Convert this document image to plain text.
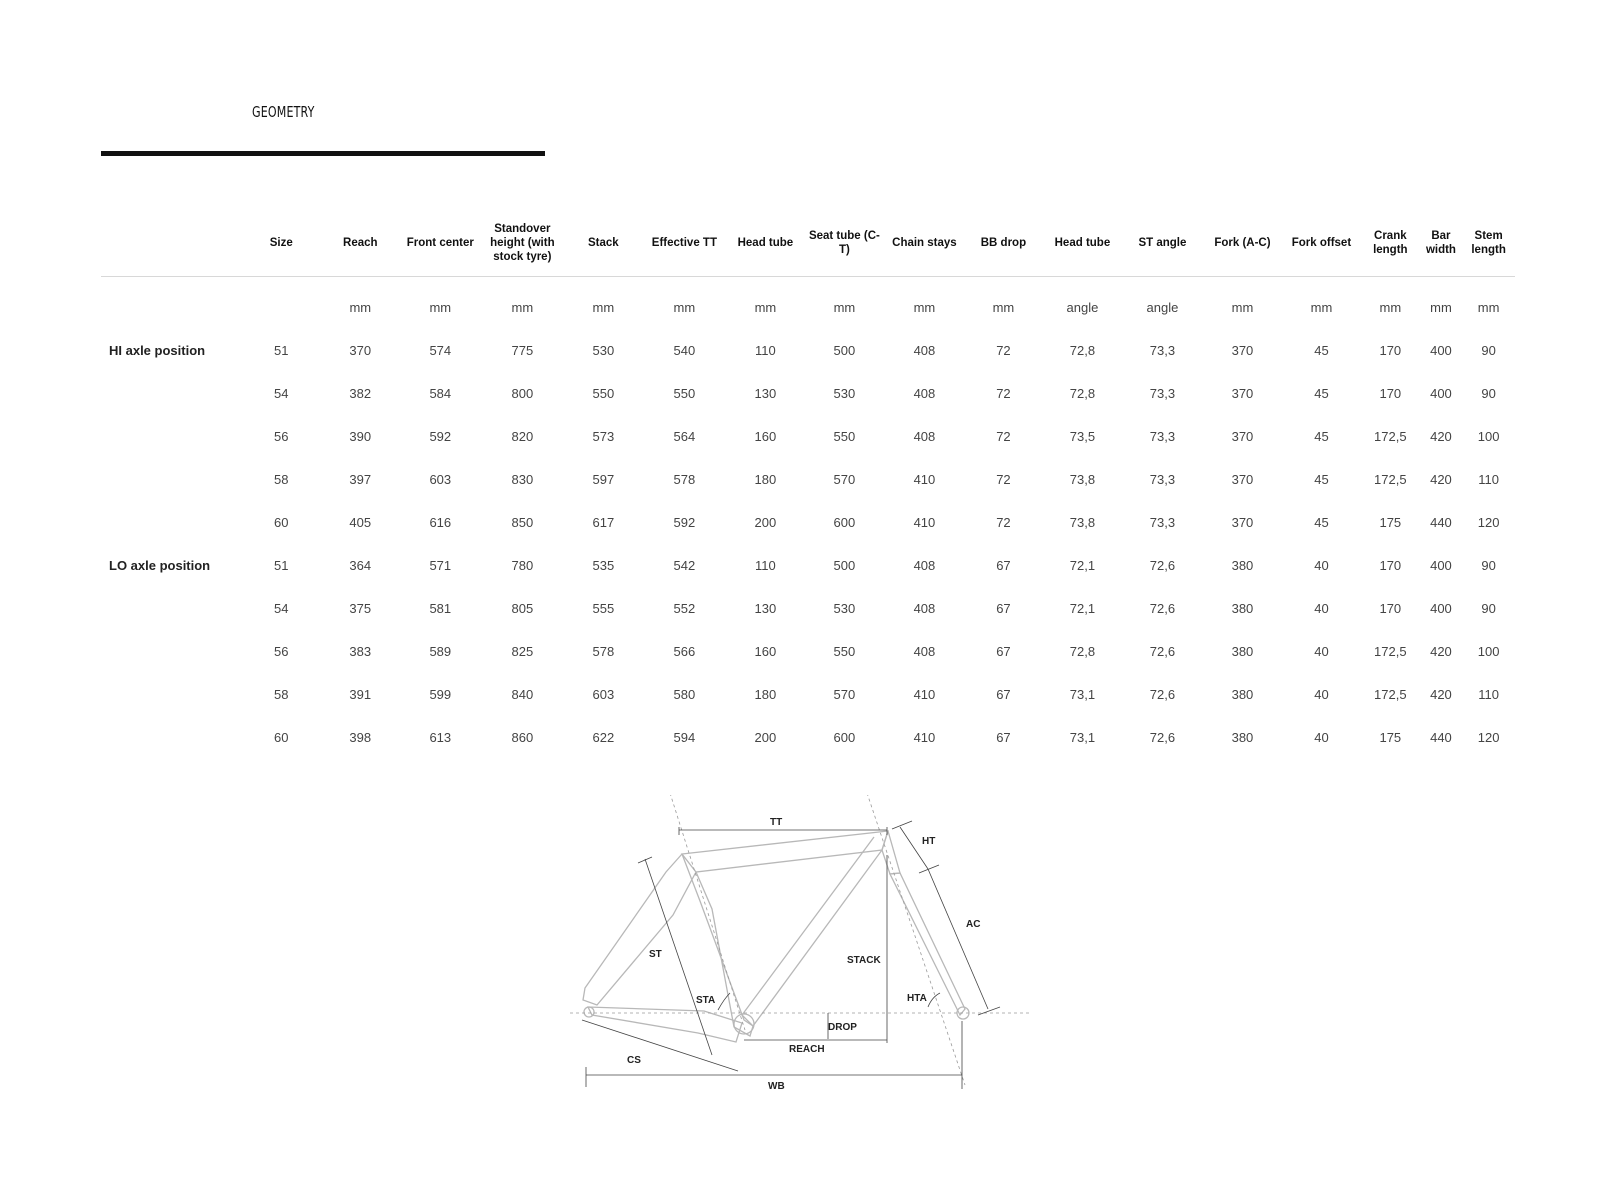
GEOMETRY
	Size	Reach	Front center	Standover height (with stock tyre)	Stack	Effective TT	Head tube	Seat tube (C-T)	Chain stays	BB drop	Head tube	ST angle	Fork (A-C)	Fork offset	Crank length	Bar width	Stem length
		mm	mm	mm	mm	mm	mm	mm	mm	mm	angle	angle	mm	mm	mm	mm	mm
HI axle position	51	370	574	775	530	540	110	500	408	72	72,8	73,3	370	45	170	400	90
	54	382	584	800	550	550	130	530	408	72	72,8	73,3	370	45	170	400	90
	56	390	592	820	573	564	160	550	408	72	73,5	73,3	370	45	172,5	420	100
	58	397	603	830	597	578	180	570	410	72	73,8	73,3	370	45	172,5	420	110
	60	405	616	850	617	592	200	600	410	72	73,8	73,3	370	45	175	440	120
LO axle position	51	364	571	780	535	542	110	500	408	67	72,1	72,6	380	40	170	400	90
	54	375	581	805	555	552	130	530	408	67	72,1	72,6	380	40	170	400	90
	56	383	589	825	578	566	160	550	408	67	72,8	72,6	380	40	172,5	420	100
	58	391	599	840	603	580	180	570	410	67	73,1	72,6	380	40	172,5	420	110
	60	398	613	860	622	594	200	600	410	67	73,1	72,6	380	40	175	440	120
TT
HT
AC
ST
STACK
STA	HTA
DROP
REACH
CS
WB
